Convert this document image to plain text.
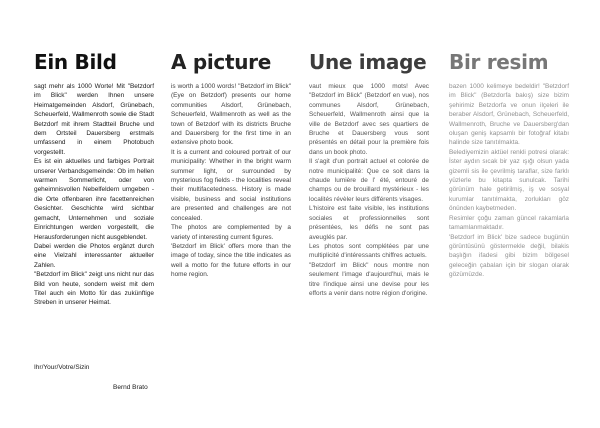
Ein Bild

sagt mehr als 1000 Worte! Mit "Betzdorf im Blick" werden Ihnen unsere Heimatgemeinden Alsdorf, Grünebach, Scheuerfeld, Wallmenroth sowie die Stadt Betzdorf mit ihrem Stadtteil Bruche und dem Ortsteil Dauersberg erstmals umfassend in einem Photobuch vorgestellt.

Es ist ein aktuelles und farbiges Portrait unserer Verbandsgemeinde: Ob im hellen warmen Sommerlicht, oder von geheimnisvollen Nebelfeldern umgeben - die Orte offenbaren ihre facettenreichen Gesichter. Geschichte wird sichtbar gemacht, Unternehmen und soziale Einrichtungen werden vorgestellt, die Herausforderungen nicht ausgeblendet.

Dabei werden die Photos ergänzt durch eine Vielzahl interessanter aktueller Zahlen.

"Betzdorf im Blick" zeigt uns nicht nur das Bild von heute, sondern weist mit dem Titel auch ein Motto für das zukünftige Streben in unserer Heimat.

A picture

is worth a 1000 words! "Betzdorf im Blick" (Eye on Betzdorf) presents our home communities Alsdorf, Grünebach, Scheuerfeld, Wallmenroth as well as the town of Betzdorf with its districts Bruche and Dauersberg for the first time in an extensive photo book.

It is a current and coloured portrait of our municipality: Whether in the bright warm summer light, or surrounded by mysterious fog fields - the localities reveal their multifacetedness. History is made visible, business and social institutions are presented and challenges are not concealed.

The photos are complemented by a variety of interesting current figures.

'Betzdorf im Blick' offers more than the image of today, since the title indicates as well a motto for the future efforts in our home region.

Une image

vaut mieux que 1000 mots! Avec "Betzdorf im Blick" (Betzdorf en vue), nos communes Alsdorf, Grünebach, Scheuerfeld, Wallmenroth ainsi que la ville de Betzdorf avec ses quartiers de Bruche et Dauersberg vous sont présentés en détail pour la première fois dans un book photo.

Il s'agit d'un portrait actuel et colorée de notre municipalité: Que ce soit dans la chaude lumière de l' été, entouré de champs ou de brouillard mystérieux - les localités révèler leurs différents visages.

L'histoire est faite visible, les institutions sociales et professionnelles sont présentées, les défis ne sont pas aveuglés par.

Les photos sont complétées par une multiplicité d'intéressants chiffres actuels.

"Betzdorf im Blick" nous montre non seulement l'image d'aujourd'hui, mais le titre l'indique ainsi une devise pour les efforts a venir dans notre région d'origine.

Bir resim

bazen 1000 kelimeye bedeldir! "Betzdorf im Blick" (Betzdorfa bakış) size bizim şehirimiz Betzdorfa ve onun ilçeleri ile beraber Alsdorf, Grünebach, Scheuerfeld, Wallmenroth, Bruche ve Dauersberg'dan oluşan geniş kapsamlı bir fotoğraf kitabı halinde size tanıtılmakta.

Belediyemizin aktüel renkli potresi olarak: İster aydın sıcak bir yaz ışığı olsun yada gizemli sis ile çevrilmiş taraflar, size farklı yüzlerle bu kitapta sunulcak. Tarihi görünüm hale getirilmiş, iş ve sosyal kurumlar tanıtılmakta, zorlukları göz önünden kaybetmeden.

Resimler çoğu zaman güncel rakamlarla tamamlanmaktadır.

'Betzdorf im Blick' bize sadece bugünün görüntüsünü göstermekle değil, bilakis başlığın ifadesi gibi bizim bölgesel geleceğin çabaları için bir slogan olarak gözümüzde.

Ihr/Your/Votre/Sizin

Bernd Brato
